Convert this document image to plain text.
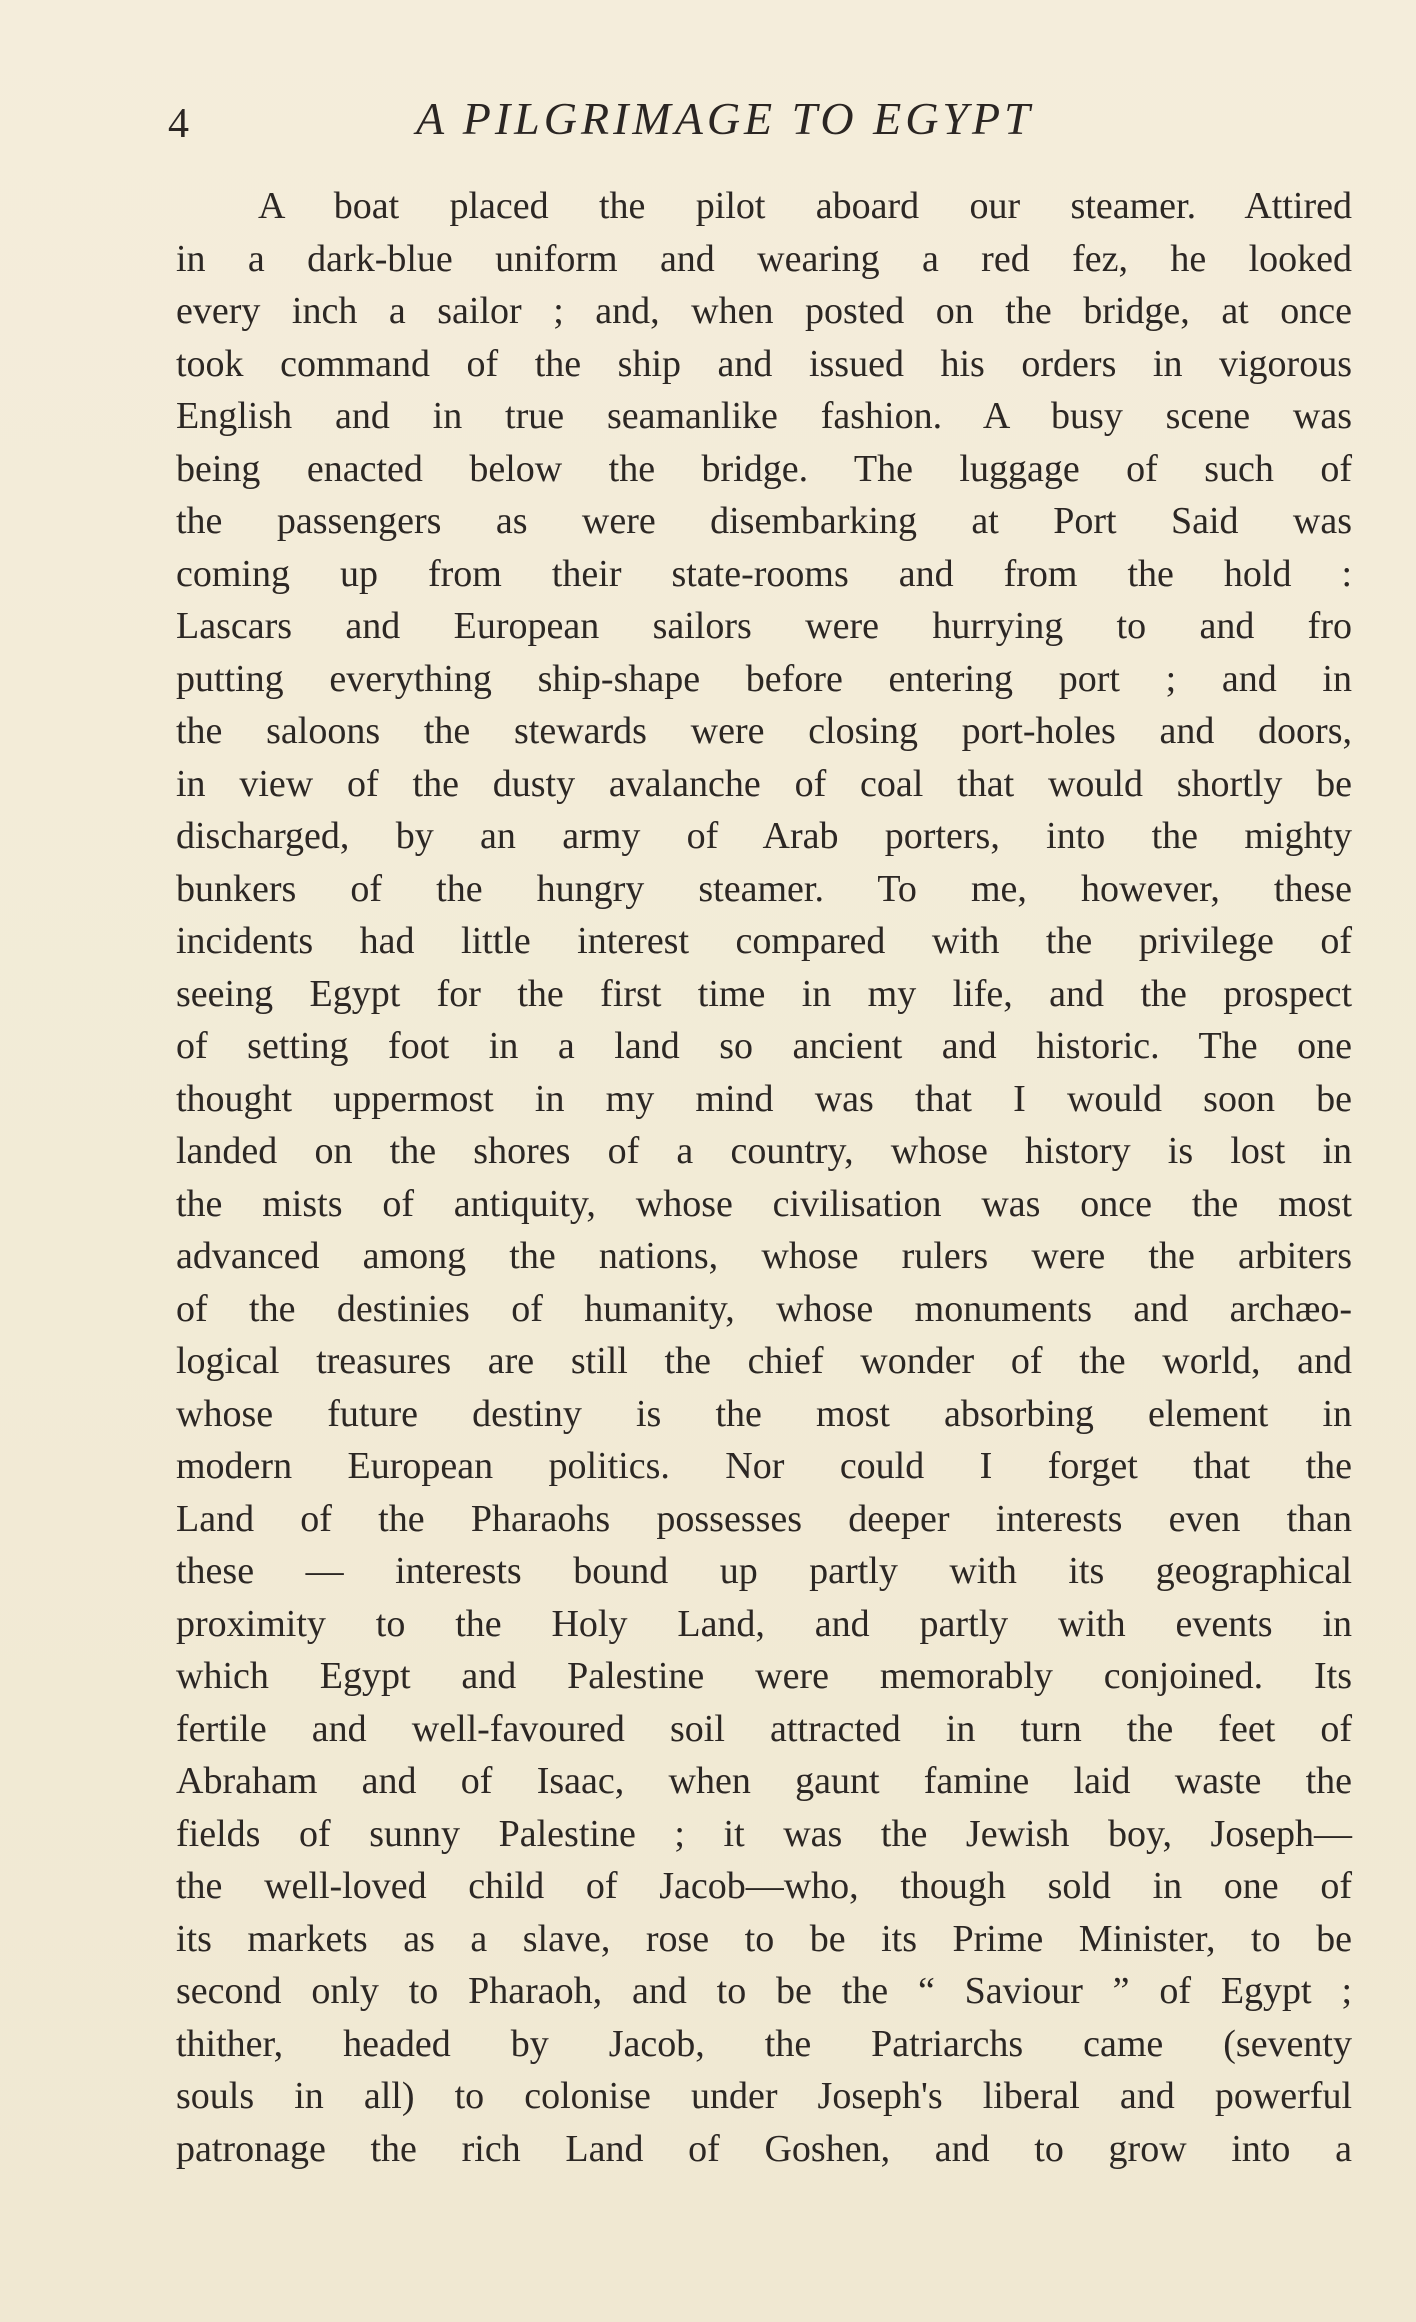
4	A PILGRIMAGE TO EGYPT
A boat placed the pilot aboard our steamer. Attired
in a dark-blue uniform and wearing a red fez, he looked
every inch a sailor ; and, when posted on the bridge, at once
took command of the ship and issued his orders in vigorous
English and in true seamanlike fashion. A busy scene was
being enacted below the bridge. The luggage of such of
the passengers as were disembarking at Port Said was
coming up from their state-rooms and from the hold :
Lascars and European sailors were hurrying to and fro
putting everything ship-shape before entering port ; and in
the saloons the stewards were closing port-holes and doors,
in view of the dusty avalanche of coal that would shortly be
discharged, by an army of Arab porters, into the mighty
bunkers of the hungry steamer. To me, however, these
incidents had little interest compared with the privilege of
seeing Egypt for the first time in my life, and the prospect
of setting foot in a land so ancient and historic. The one
thought uppermost in my mind was that I would soon be
landed on the shores of a country, whose history is lost in
the mists of antiquity, whose civilisation was once the most
advanced among the nations, whose rulers were the arbiters
of the destinies of humanity, whose monuments and archæo-
logical treasures are still the chief wonder of the world, and
whose future destiny is the most absorbing element in
modern European politics. Nor could I forget that the
Land of the Pharaohs possesses deeper interests even than
these — interests bound up partly with its geographical
proximity to the Holy Land, and partly with events in
which Egypt and Palestine were memorably conjoined. Its
fertile and well-favoured soil attracted in turn the feet of
Abraham and of Isaac, when gaunt famine laid waste the
fields of sunny Palestine ; it was the Jewish boy, Joseph—
the well-loved child of Jacob—who, though sold in one of
its markets as a slave, rose to be its Prime Minister, to be
second only to Pharaoh, and to be the “ Saviour ” of Egypt ;
thither, headed by Jacob, the Patriarchs came (seventy
souls in all) to colonise under Joseph's liberal and powerful
patronage the rich Land of Goshen, and to grow into a
